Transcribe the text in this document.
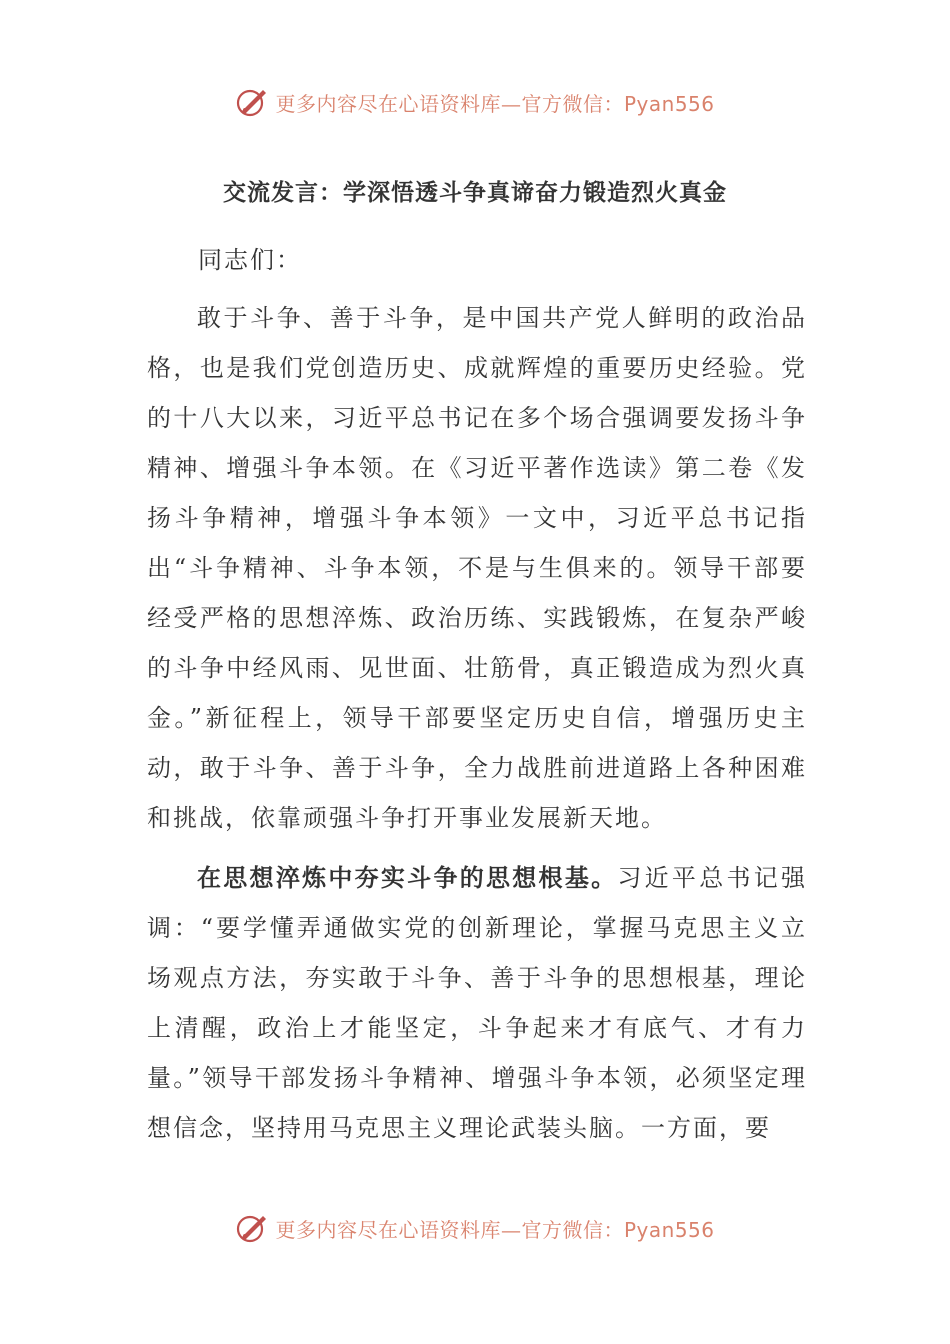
更多内容尽在心语资料库—官方微信：Pyan556
交流发言：学深悟透斗争真谛奋力锻造烈火真金
同志们：

敢于斗争、善于斗争，是中国共产党人鲜明的政治品格，也是我们党创造历史、成就辉煌的重要历史经验。党的十八大以来，习近平总书记在多个场合强调要发扬斗争精神、增强斗争本领。在《习近平著作选读》第二卷《发扬斗争精神，增强斗争本领》一文中，习近平总书记指出“斗争精神、斗争本领，不是与生俱来的。领导干部要经受严格的思想淬炼、政治历练、实践锻炼，在复杂严峻的斗争中经风雨、见世面、壮筋骨，真正锻造成为烈火真金。”新征程上，领导干部要坚定历史自信，增强历史主动，敢于斗争、善于斗争，全力战胜前进道路上各种困难和挑战，依靠顽强斗争打开事业发展新天地。

在思想淬炼中夯实斗争的思想根基。习近平总书记强调：“要学懂弄通做实党的创新理论，掌握马克思主义立场观点方法，夯实敢于斗争、善于斗争的思想根基，理论上清醒，政治上才能坚定，斗争起来才有底气、才有力量。”领导干部发扬斗争精神、增强斗争本领，必须坚定理想信念，坚持用马克思主义理论武装头脑。一方面，要

更多内容尽在心语资料库—官方微信：Pyan556
